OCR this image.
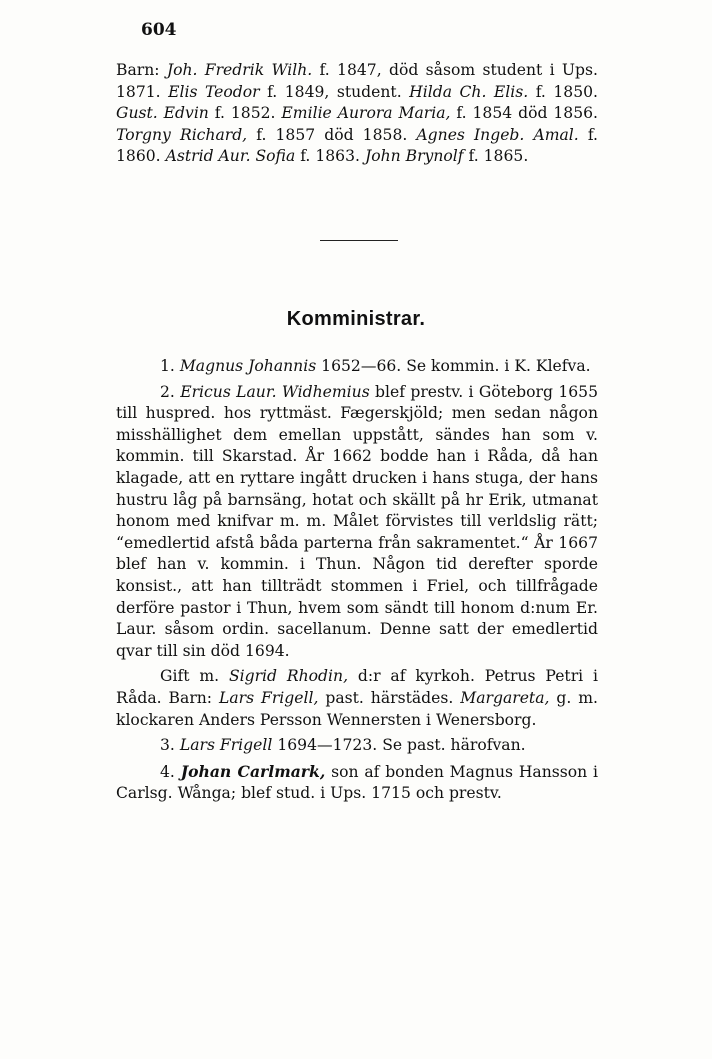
604
Barn: Joh. Fredrik Wilh. f. 1847, död såsom student i Ups. 1871. Elis Teodor f. 1849, student. Hilda Ch. Elis. f. 1850. Gust. Edvin f. 1852. Emilie Aurora Maria, f. 1854 död 1856. Torgny Richard, f. 1857 död 1858. Agnes Ingeb. Amal. f. 1860. Astrid Aur. Sofia f. 1863. John Brynolf f. 1865.
Komministrar.

1. Magnus Johannis 1652—66. Se kommin. i K. Klefva.

2. Ericus Laur. Widhemius blef prestv. i Göteborg 1655 till huspred. hos ryttmäst. Fægerskjöld; men sedan någon misshällighet dem emellan uppstått, sändes han som v. kommin. till Skarstad. År 1662 bodde han i Råda, då han klagade, att en ryttare ingått drucken i hans stuga, der hans hustru låg på barnsäng, hotat och skällt på hr Erik, utmanat honom med knifvar m. m. Målet förvistes till verldslig rätt; “emedlertid afstå båda parterna från sakramentet.“ År 1667 blef han v. kommin. i Thun. Någon tid derefter sporde konsist., att han tillträdt stommen i Friel, och tillfrågade derföre pastor i Thun, hvem som sändt till honom d:num Er. Laur. såsom ordin. sacellanum. Denne satt der emedlertid qvar till sin död 1694.

Gift m. Sigrid Rhodin, d:r af kyrkoh. Petrus Petri i Råda. Barn: Lars Frigell, past. härstädes. Margareta, g. m. klockaren Anders Persson Wennersten i Wenersborg.

3. Lars Frigell 1694—1723. Se past. härofvan.

4. Johan Carlmark, son af bonden Magnus Hansson i Carlsg. Wånga; blef stud. i Ups. 1715 och prestv.
